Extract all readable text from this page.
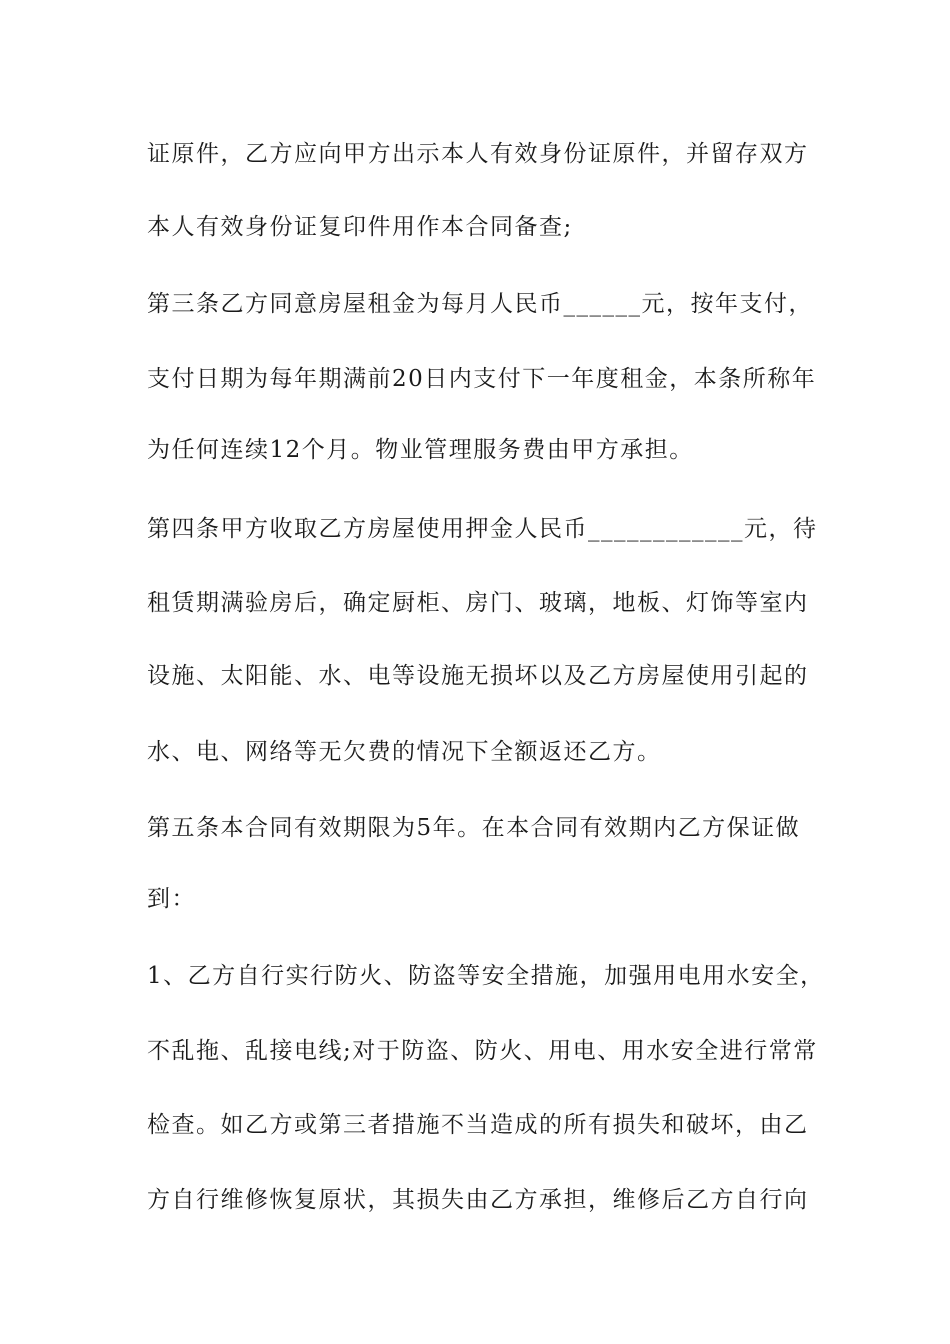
证原件，乙方应向甲方出示本人有效身份证原件，并留存双方
本人有效身份证复印件用作本合同备查;
第三条乙方同意房屋租金为每月人民币______元，按年支付，
支付日期为每年期满前20日内支付下一年度租金，本条所称年
为任何连续12个月。物业管理服务费由甲方承担。
第四条甲方收取乙方房屋使用押金人民币____________元，待
租赁期满验房后，确定厨柜、房门、玻璃，地板、灯饰等室内
设施、太阳能、水、电等设施无损坏以及乙方房屋使用引起的
水、电、网络等无欠费的情况下全额返还乙方。
第五条本合同有效期限为5年。在本合同有效期内乙方保证做
到：
1、乙方自行实行防火、防盗等安全措施，加强用电用水安全，
不乱拖、乱接电线;对于防盗、防火、用电、用水安全进行常常
检查。如乙方或第三者措施不当造成的所有损失和破坏，由乙
方自行维修恢复原状，其损失由乙方承担，维修后乙方自行向
